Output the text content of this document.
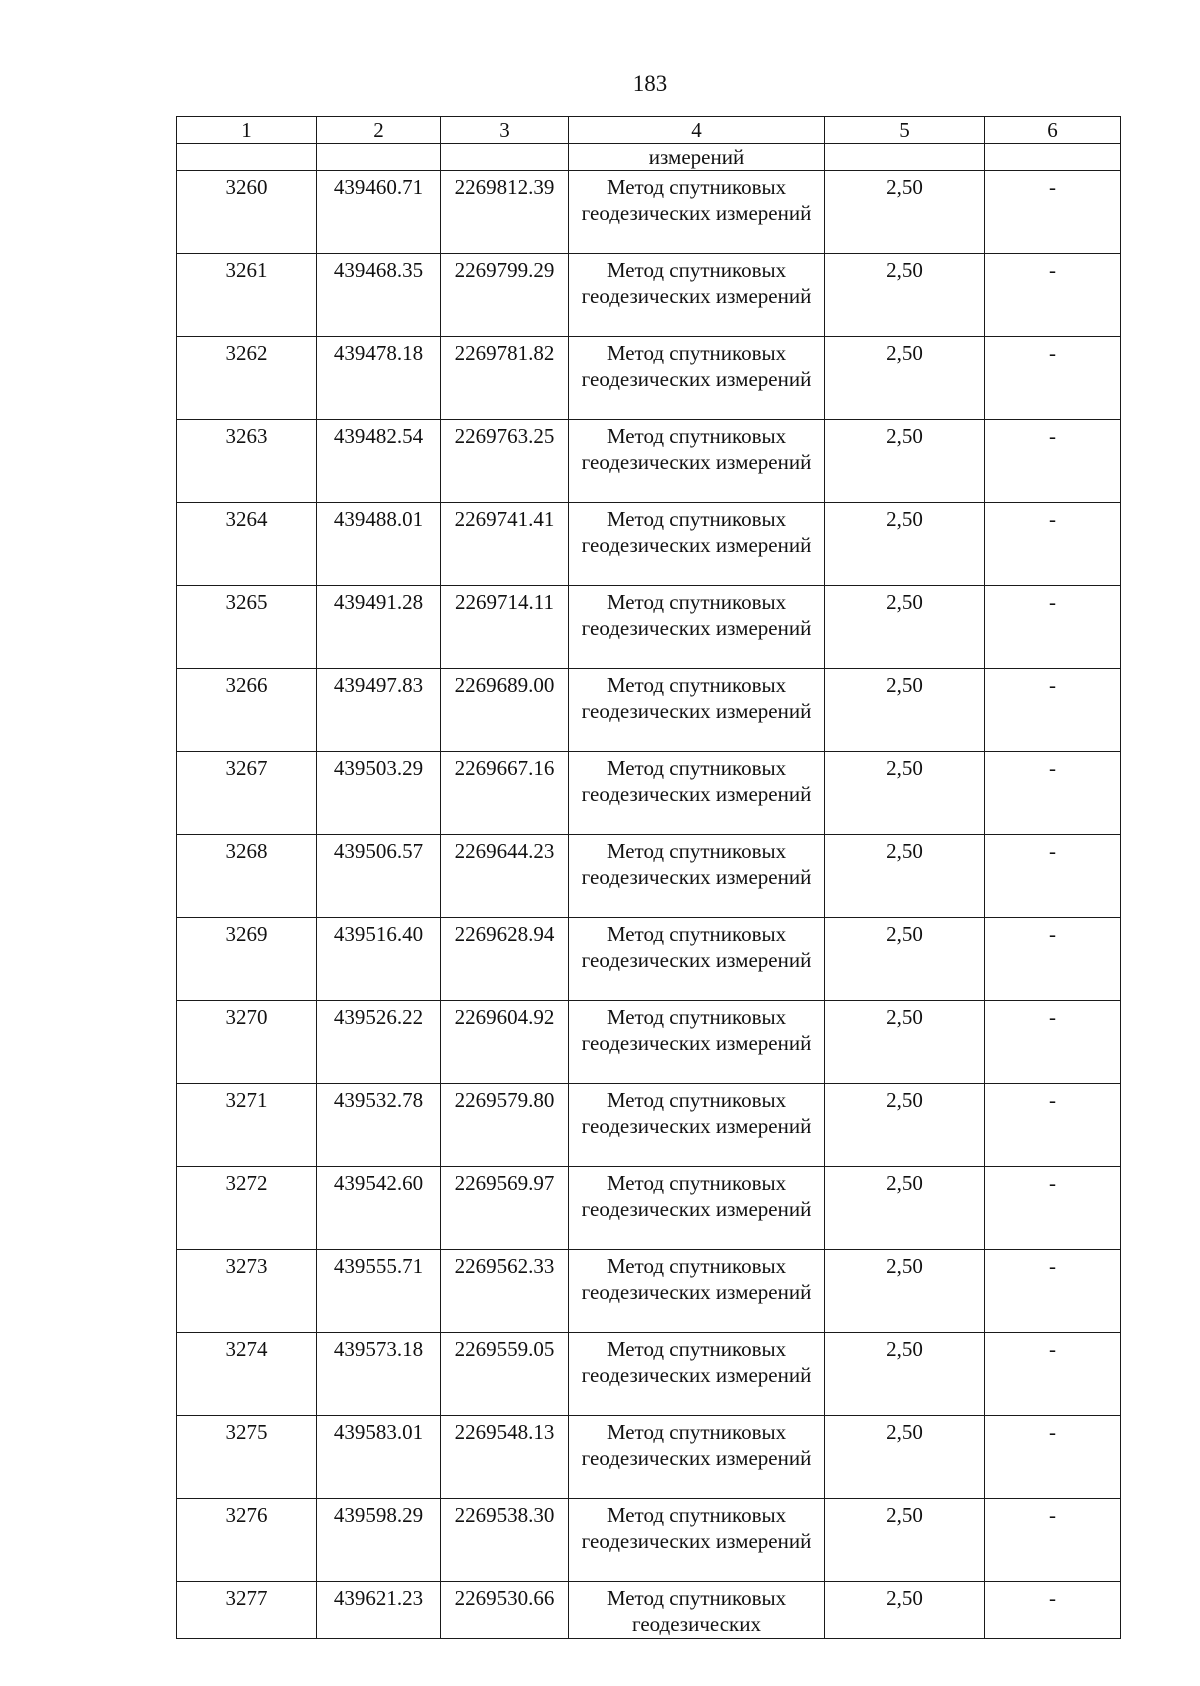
183
1	2	3	4	5	6
			измерений		
3260	439460.71	2269812.39	Метод спутниковых геодезических измерений	2,50	-
3261	439468.35	2269799.29	Метод спутниковых геодезических измерений	2,50	-
3262	439478.18	2269781.82	Метод спутниковых геодезических измерений	2,50	-
3263	439482.54	2269763.25	Метод спутниковых геодезических измерений	2,50	-
3264	439488.01	2269741.41	Метод спутниковых геодезических измерений	2,50	-
3265	439491.28	2269714.11	Метод спутниковых геодезических измерений	2,50	-
3266	439497.83	2269689.00	Метод спутниковых геодезических измерений	2,50	-
3267	439503.29	2269667.16	Метод спутниковых геодезических измерений	2,50	-
3268	439506.57	2269644.23	Метод спутниковых геодезических измерений	2,50	-
3269	439516.40	2269628.94	Метод спутниковых геодезических измерений	2,50	-
3270	439526.22	2269604.92	Метод спутниковых геодезических измерений	2,50	-
3271	439532.78	2269579.80	Метод спутниковых геодезических измерений	2,50	-
3272	439542.60	2269569.97	Метод спутниковых геодезических измерений	2,50	-
3273	439555.71	2269562.33	Метод спутниковых геодезических измерений	2,50	-
3274	439573.18	2269559.05	Метод спутниковых геодезических измерений	2,50	-
3275	439583.01	2269548.13	Метод спутниковых геодезических измерений	2,50	-
3276	439598.29	2269538.30	Метод спутниковых геодезических измерений	2,50	-
3277	439621.23	2269530.66	Метод спутниковых геодезических	2,50	-
